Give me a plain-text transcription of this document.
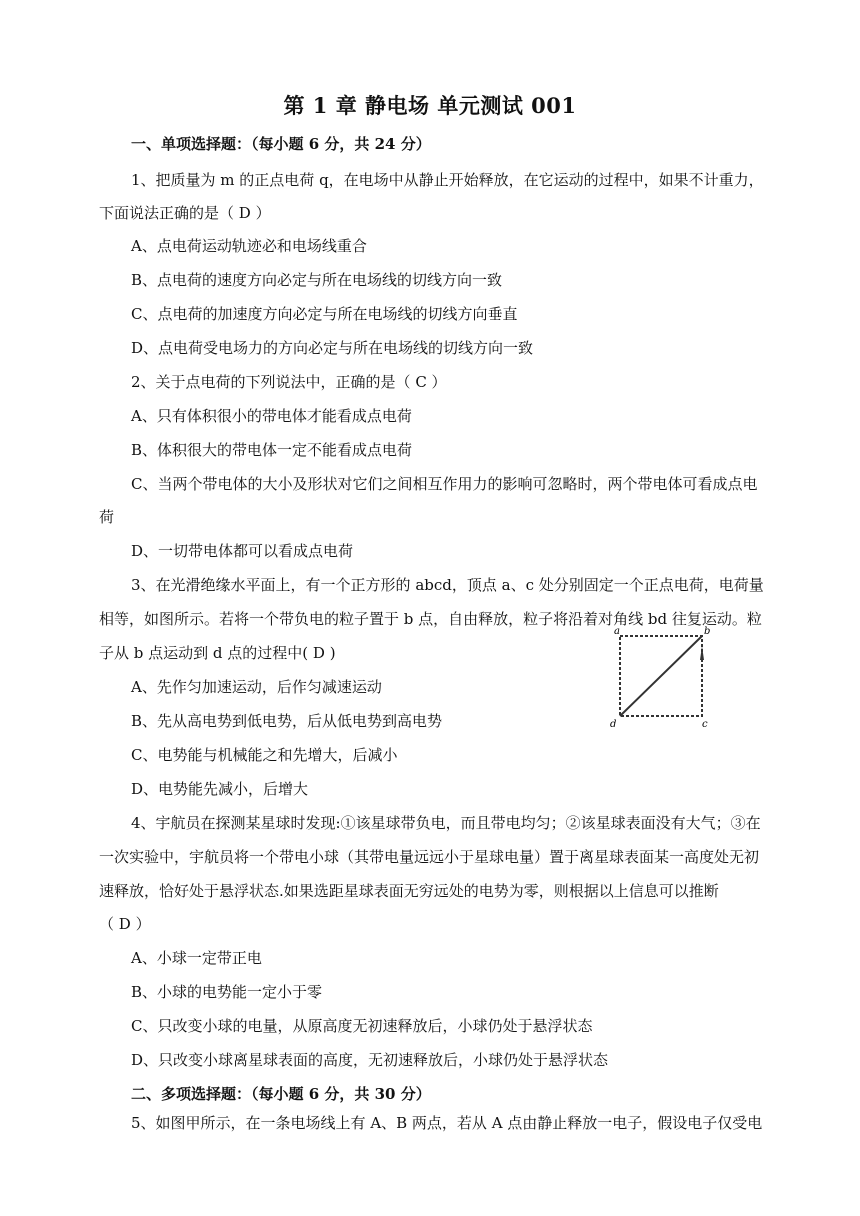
第 1 章 静电场 单元测试 001
一、单项选择题：（每小题 6 分，共 24 分）
1、把质量为 m 的正点电荷 q，在电场中从静止开始释放，在它运动的过程中，如果不计重力，
下面说法正确的是（ D ）
A、点电荷运动轨迹必和电场线重合
B、点电荷的速度方向必定与所在电场线的切线方向一致
C、点电荷的加速度方向必定与所在电场线的切线方向垂直
D、点电荷受电场力的方向必定与所在电场线的切线方向一致
2、关于点电荷的下列说法中，正确的是（ C ）
A、只有体积很小的带电体才能看成点电荷
B、体积很大的带电体一定不能看成点电荷
C、当两个带电体的大小及形状对它们之间相互作用力的影响可忽略时，两个带电体可看成点电
荷
D、一切带电体都可以看成点电荷
3、在光滑绝缘水平面上，有一个正方形的 abcd，顶点 a、c 处分别固定一个正点电荷，电荷量
相等，如图所示。若将一个带负电的粒子置于 b 点，自由释放，粒子将沿着对角线 bd 往复运动。粒
子从 b 点运动到 d 点的过程中( D )
A、先作匀加速运动，后作匀减速运动
B、先从高电势到低电势，后从低电势到高电势
C、电势能与机械能之和先增大，后减小
D、电势能先减小，后增大
a	b
c
d
4、宇航员在探测某星球时发现:①该星球带负电，而且带电均匀；②该星球表面没有大气；③在
一次实验中，宇航员将一个带电小球（其带电量远远小于星球电量）置于离星球表面某一高度处无初
速释放，恰好处于悬浮状态.如果选距星球表面无穷远处的电势为零，则根据以上信息可以推断
（ D ）
A、小球一定带正电
B、小球的电势能一定小于零
C、只改变小球的电量，从原高度无初速释放后，小球仍处于悬浮状态
D、只改变小球离星球表面的高度，无初速释放后，小球仍处于悬浮状态
二、多项选择题：（每小题 6 分，共 30 分）
5、如图甲所示，在一条电场线上有 A、B 两点，若从 A 点由静止释放一电子，假设电子仅受电
